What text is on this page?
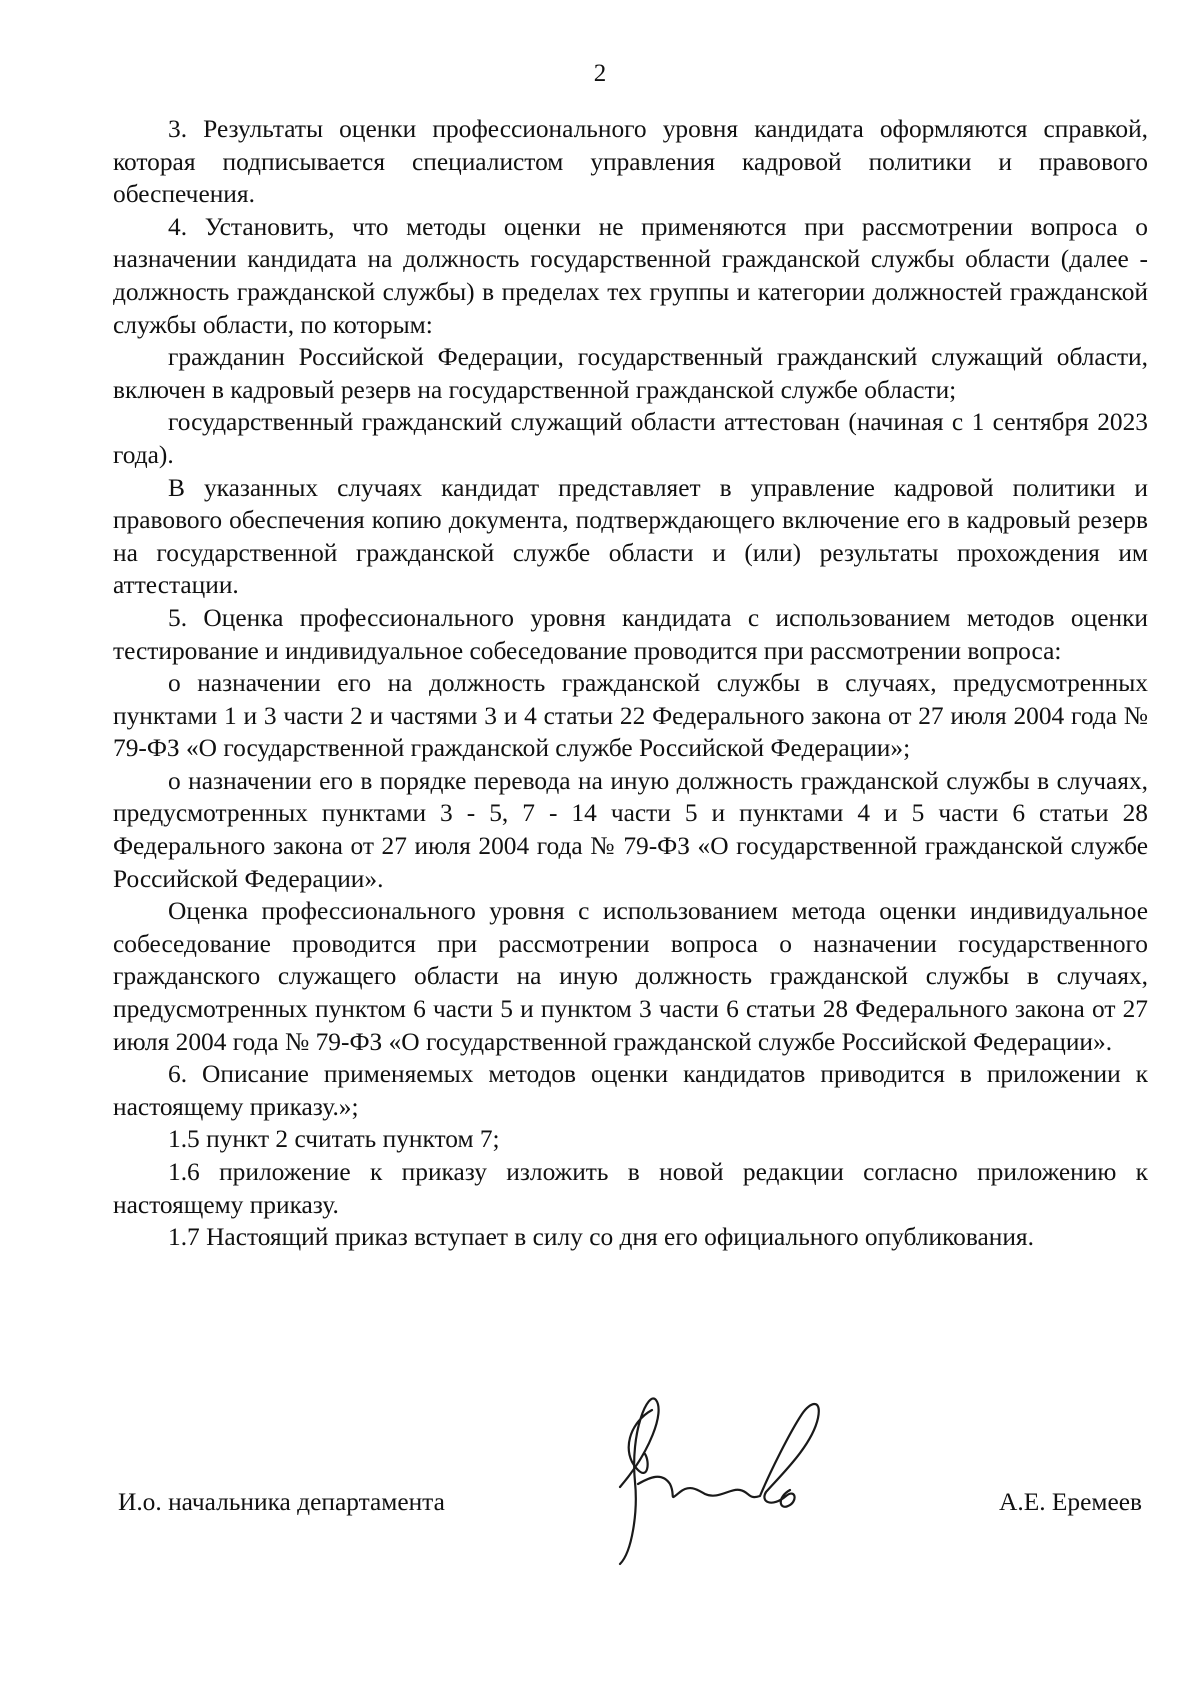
2

3. Результаты оценки профессионального уровня кандидата оформляются справкой, которая подписывается специалистом управления кадровой политики и правового обеспечения.

4. Установить, что методы оценки не применяются при рассмотрении вопроса о назначении кандидата на должность государственной гражданской службы области (далее - должность гражданской службы) в пределах тех группы и категории должностей гражданской службы области, по которым:

гражданин Российской Федерации, государственный гражданский служащий области, включен в кадровый резерв на государственной гражданской службе области;

государственный гражданский служащий области аттестован (начиная с 1 сентября 2023 года).

В указанных случаях кандидат представляет в управление кадровой политики и правового обеспечения копию документа, подтверждающего включение его в кадровый резерв на государственной гражданской службе области и (или) результаты прохождения им аттестации.

5. Оценка профессионального уровня кандидата с использованием методов оценки тестирование и индивидуальное собеседование проводится при рассмотрении вопроса:

о назначении его на должность гражданской службы в случаях, предусмотренных пунктами 1 и 3 части 2 и частями 3 и 4 статьи 22 Федерального закона от 27 июля 2004 года № 79-ФЗ «О государственной гражданской службе Российской Федерации»;

о назначении его в порядке перевода на иную должность гражданской службы в случаях, предусмотренных пунктами 3 - 5, 7 - 14 части 5 и пунктами 4 и 5 части 6 статьи 28 Федерального закона от 27 июля 2004 года № 79-ФЗ «О государственной гражданской службе Российской Федерации».

Оценка профессионального уровня с использованием метода оценки индивидуальное собеседование проводится при рассмотрении вопроса о назначении государственного гражданского служащего области на иную должность гражданской службы в случаях, предусмотренных пунктом 6 части 5 и пунктом 3 части 6 статьи 28 Федерального закона от 27 июля 2004 года № 79-ФЗ «О государственной гражданской службе Российской Федерации».

6. Описание применяемых методов оценки кандидатов приводится в приложении к настоящему приказу.»;

1.5 пункт 2 считать пунктом 7;

1.6 приложение к приказу изложить в новой редакции согласно приложению к настоящему приказу.

1.7 Настоящий приказ вступает в силу со дня его официального опубликования.

И.о. начальника департамента	А.Е. Еремеев
